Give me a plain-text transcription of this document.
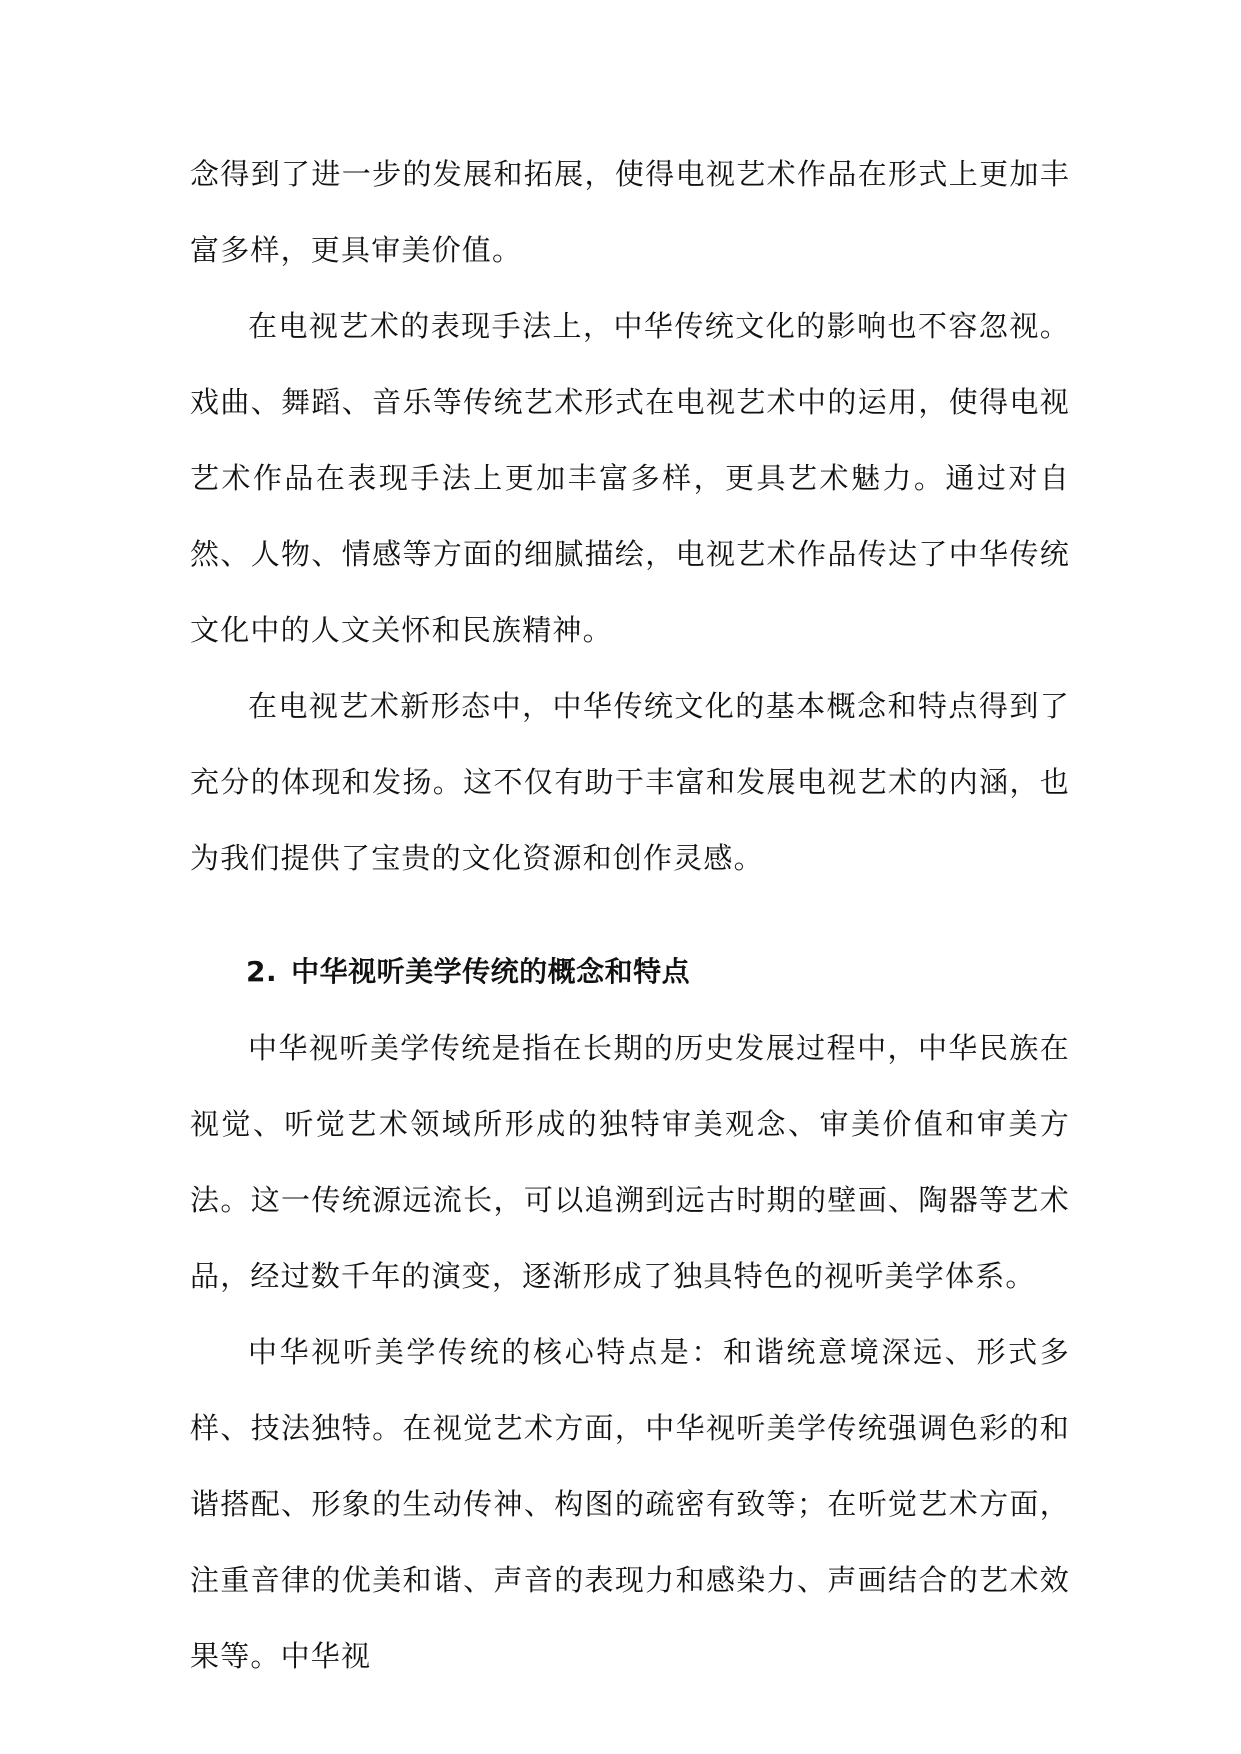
念得到了进一步的发展和拓展，使得电视艺术作品在形式上更加丰富多样，更具审美价值。

在电视艺术的表现手法上，中华传统文化的影响也不容忽视。戏曲、舞蹈、音乐等传统艺术形式在电视艺术中的运用，使得电视艺术作品在表现手法上更加丰富多样，更具艺术魅力。通过对自然、人物、情感等方面的细腻描绘，电视艺术作品传达了中华传统文化中的人文关怀和民族精神。

在电视艺术新形态中，中华传统文化的基本概念和特点得到了充分的体现和发扬。这不仅有助于丰富和发展电视艺术的内涵，也为我们提供了宝贵的文化资源和创作灵感。

2. 中华视听美学传统的概念和特点

中华视听美学传统是指在长期的历史发展过程中，中华民族在视觉、听觉艺术领域所形成的独特审美观念、审美价值和审美方法。这一传统源远流长，可以追溯到远古时期的壁画、陶器等艺术品，经过数千年的演变，逐渐形成了独具特色的视听美学体系。

中华视听美学传统的核心特点是：和谐统意境深远、形式多样、技法独特。在视觉艺术方面，中华视听美学传统强调色彩的和谐搭配、形象的生动传神、构图的疏密有致等；在听觉艺术方面，注重音律的优美和谐、声音的表现力和感染力、声画结合的艺术效果等。中华视
